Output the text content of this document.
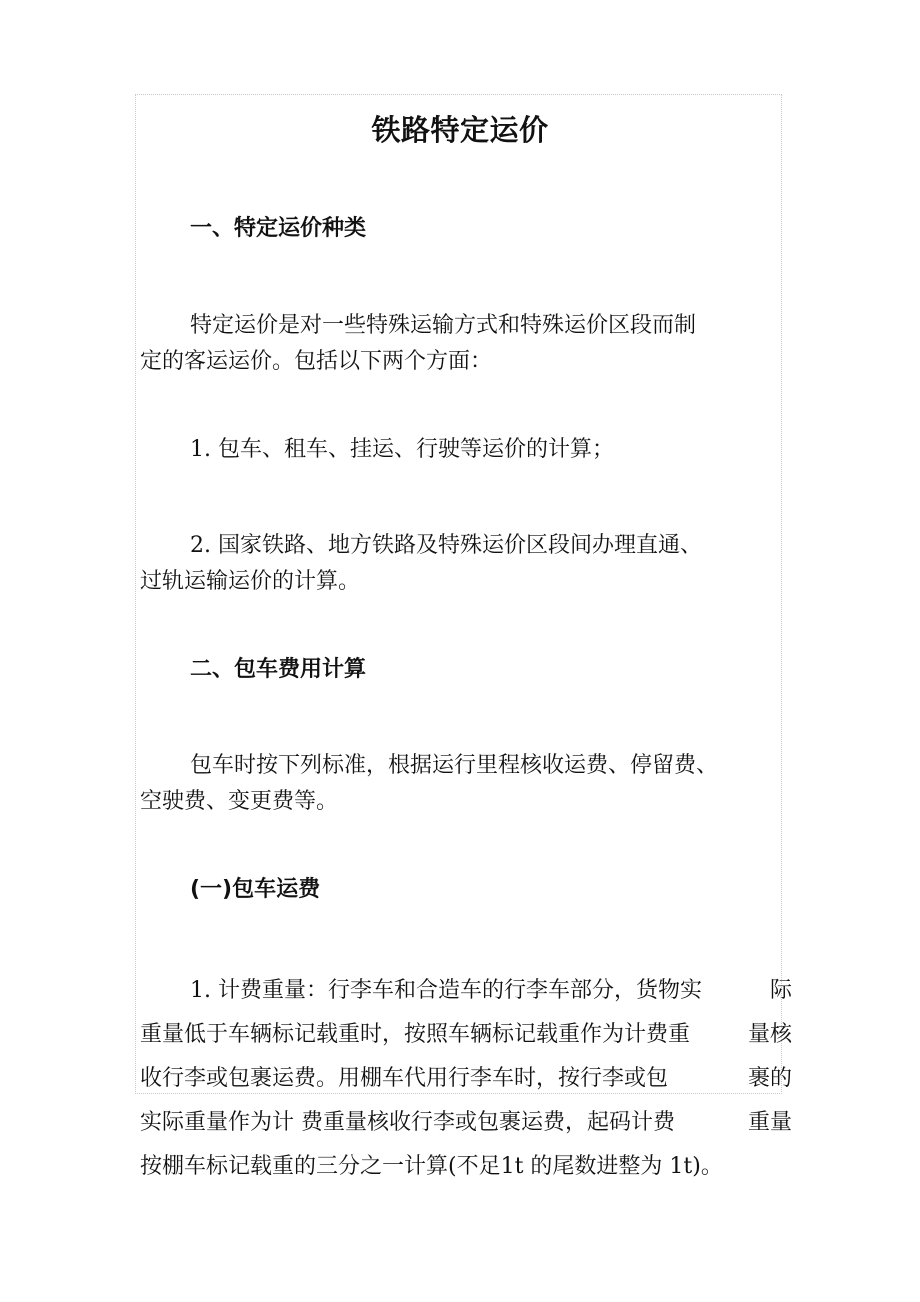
铁路特定运价
一、特定运价种类
特定运价是对一些特殊运输方式和特殊运价区段而制
定的客运运价。包括以下两个方面：
1. 包车、租车、挂运、行驶等运价的计算；
2. 国家铁路、地方铁路及特殊运价区段间办理直通、
过轨运输运价的计算。
二、包车费用计算
包车时按下列标准，根据运行里程核收运费、停留费、
空驶费、变更费等。
(一)包车运费
1. 计费重量：行李车和合造车的行李车部分，货物实	际
重量低于车辆标记载重时，按照车辆标记载重作为计费重	量核
收行李或包裹运费。用棚车代用行李车时，按行李或包	裹的
实际重量作为计 费重量核收行李或包裹运费，起码计费	重量
按棚车标记载重的三分之一计算(不足1t 的尾数进整为 1t)。
